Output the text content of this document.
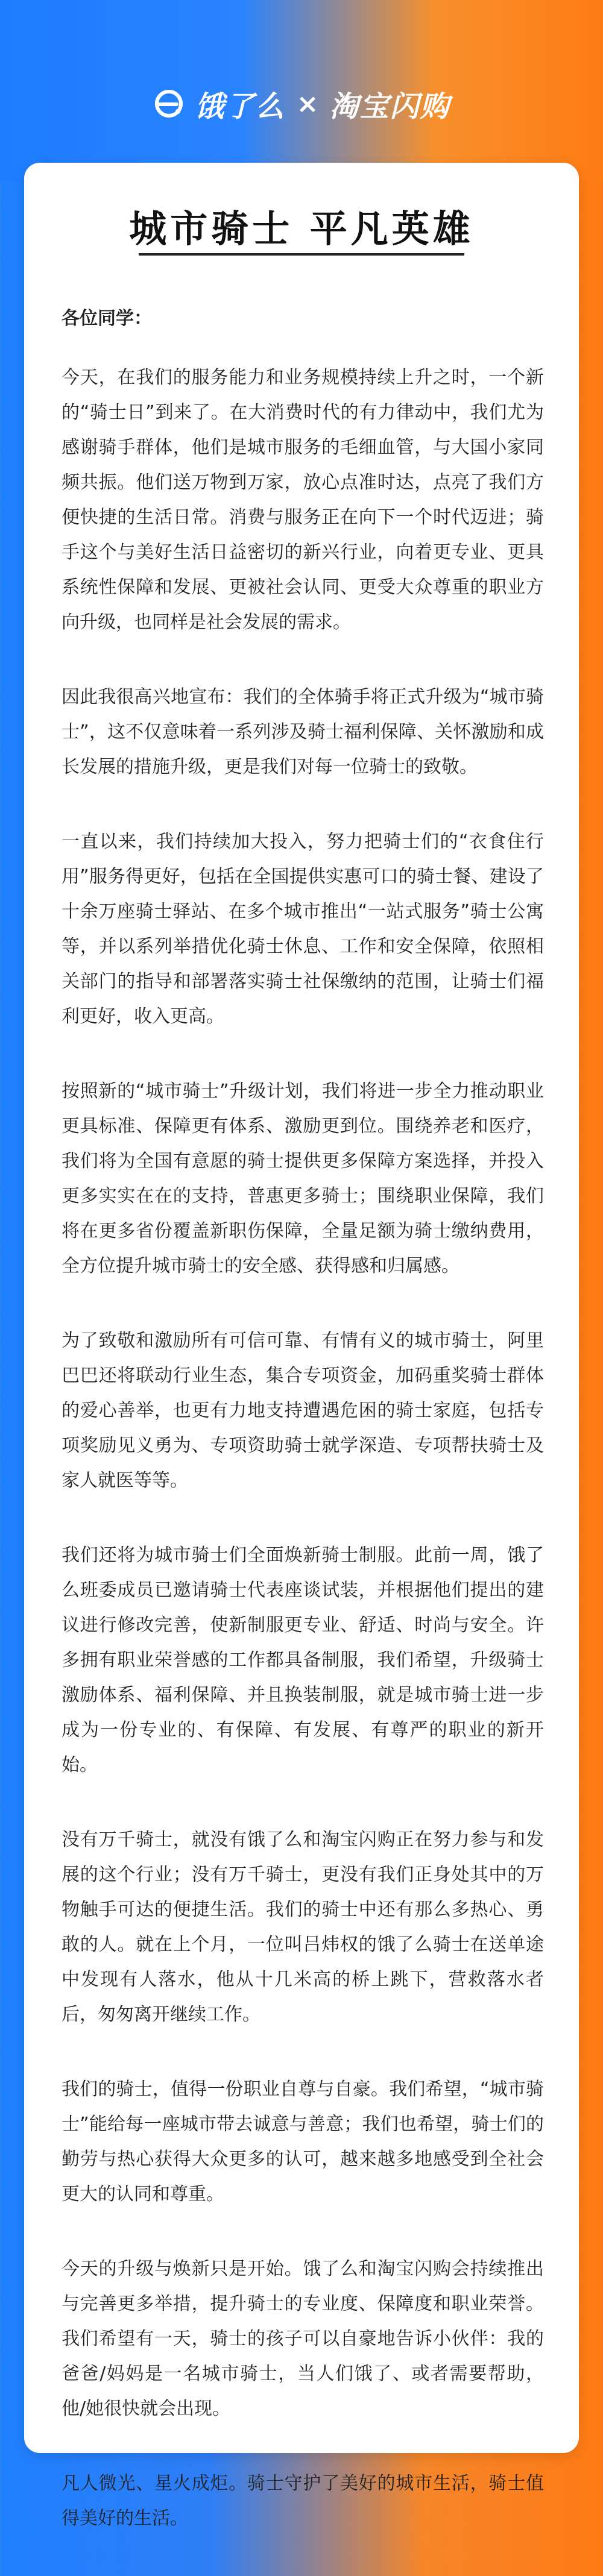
饿了么 × 淘宝闪购
城市骑士 平凡英雄

各位同学：

今天，在我们的服务能力和业务规模持续上升之时，一个新的“骑士日”到来了。在大消费时代的有力律动中，我们尤为感谢骑手群体，他们是城市服务的毛细血管，与大国小家同频共振。他们送万物到万家，放心点准时达，点亮了我们方便快捷的生活日常。消费与服务正在向下一个时代迈进；骑手这个与美好生活日益密切的新兴行业，向着更专业、更具系统性保障和发展、更被社会认同、更受大众尊重的职业方向升级，也同样是社会发展的需求。

因此我很高兴地宣布：我们的全体骑手将正式升级为“城市骑士”，这不仅意味着一系列涉及骑士福利保障、关怀激励和成长发展的措施升级，更是我们对每一位骑士的致敬。

一直以来，我们持续加大投入，努力把骑士们的“衣食住行用”服务得更好，包括在全国提供实惠可口的骑士餐、建设了十余万座骑士驿站、在多个城市推出“一站式服务”骑士公寓等，并以系列举措优化骑士休息、工作和安全保障，依照相关部门的指导和部署落实骑士社保缴纳的范围，让骑士们福利更好，收入更高。

按照新的“城市骑士”升级计划，我们将进一步全力推动职业更具标准、保障更有体系、激励更到位。围绕养老和医疗，我们将为全国有意愿的骑士提供更多保障方案选择，并投入更多实实在在的支持，普惠更多骑士；围绕职业保障，我们将在更多省份覆盖新职伤保障，全量足额为骑士缴纳费用，全方位提升城市骑士的安全感、获得感和归属感。

为了致敬和激励所有可信可靠、有情有义的城市骑士，阿里巴巴还将联动行业生态，集合专项资金，加码重奖骑士群体的爱心善举，也更有力地支持遭遇危困的骑士家庭，包括专项奖励见义勇为、专项资助骑士就学深造、专项帮扶骑士及家人就医等等。

我们还将为城市骑士们全面焕新骑士制服。此前一周，饿了么班委成员已邀请骑士代表座谈试装，并根据他们提出的建议进行修改完善，使新制服更专业、舒适、时尚与安全。许多拥有职业荣誉感的工作都具备制服，我们希望，升级骑士激励体系、福利保障、并且换装制服，就是城市骑士进一步成为一份专业的、有保障、有发展、有尊严的职业的新开始。

没有万千骑士，就没有饿了么和淘宝闪购正在努力参与和发展的这个行业；没有万千骑士，更没有我们正身处其中的万物触手可达的便捷生活。我们的骑士中还有那么多热心、勇敢的人。就在上个月，一位叫吕炜权的饿了么骑士在送单途中发现有人落水，他从十几米高的桥上跳下，营救落水者后，匆匆离开继续工作。

我们的骑士，值得一份职业自尊与自豪。我们希望，“城市骑士”能给每一座城市带去诚意与善意；我们也希望，骑士们的勤劳与热心获得大众更多的认可，越来越多地感受到全社会更大的认同和尊重。

今天的升级与焕新只是开始。饿了么和淘宝闪购会持续推出与完善更多举措，提升骑士的专业度、保障度和职业荣誉。我们希望有一天，骑士的孩子可以自豪地告诉小伙伴：我的爸爸/妈妈是一名城市骑士，当人们饿了、或者需要帮助，他/她很快就会出现。

凡人微光、星火成炬。骑士守护了美好的城市生活，骑士值得美好的生活。
